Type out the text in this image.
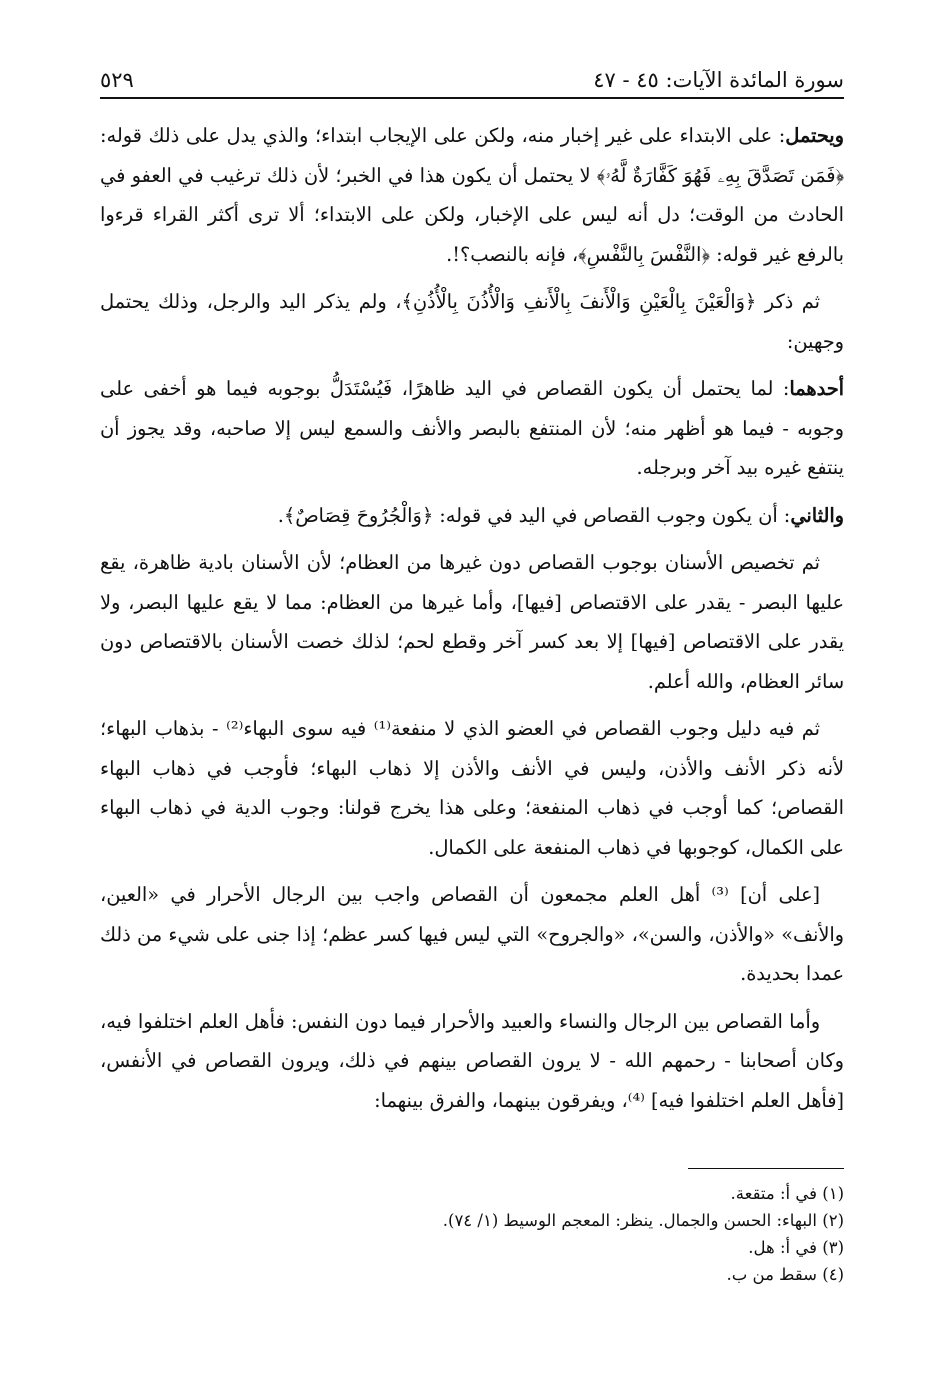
سورة المائدة الآيات: ٤٥ - ٤٧
٥٢٩

ويحتمل: على الابتداء على غير إخبار منه، ولكن على الإيجاب ابتداء؛ والذي يدل على ذلك قوله: ﴿فَمَن تَصَدَّقَ بِهِۦ فَهُوَ كَفَّارَةٌ لَّهُۥ﴾ لا يحتمل أن يكون هذا في الخبر؛ لأن ذلك ترغيب في العفو في الحادث من الوقت؛ دل أنه ليس على الإخبار، ولكن على الابتداء؛ ألا ترى أكثر القراء قرءوا بالرفع غير قوله: ﴿النَّفْسَ بِالنَّفْسِ﴾، فإنه بالنصب؟!.

ثم ذكر ﴿وَالْعَيْنَ بِالْعَيْنِ وَالْأَنفَ بِالْأَنفِ وَالْأُذُنَ بِالْأُذُنِ﴾، ولم يذكر اليد والرجل، وذلك يحتمل وجهين:

أحدهما: لما يحتمل أن يكون القصاص في اليد ظاهرًا، فَيُسْتَدَلُّ بوجوبه فيما هو أخفى على وجوبه - فيما هو أظهر منه؛ لأن المنتفع بالبصر والأنف والسمع ليس إلا صاحبه، وقد يجوز أن ينتفع غيره بيد آخر وبرجله.

والثاني: أن يكون وجوب القصاص في اليد في قوله: ﴿وَالْجُرُوحَ قِصَاصٌ﴾.

ثم تخصيص الأسنان بوجوب القصاص دون غيرها من العظام؛ لأن الأسنان بادية ظاهرة، يقع عليها البصر - يقدر على الاقتصاص [فيها]، وأما غيرها من العظام: مما لا يقع عليها البصر، ولا يقدر على الاقتصاص [فيها] إلا بعد كسر آخر وقطع لحم؛ لذلك خصت الأسنان بالاقتصاص دون سائر العظام، والله أعلم.

ثم فيه دليل وجوب القصاص في العضو الذي لا منفعة⁽¹⁾ فيه سوى البهاء⁽²⁾ - بذهاب البهاء؛ لأنه ذكر الأنف والأذن، وليس في الأنف والأذن إلا ذهاب البهاء؛ فأوجب في ذهاب البهاء القصاص؛ كما أوجب في ذهاب المنفعة؛ وعلى هذا يخرج قولنا: وجوب الدية في ذهاب البهاء على الكمال، كوجوبها في ذهاب المنفعة على الكمال.

[على أن] ⁽³⁾ أهل العلم مجمعون أن القصاص واجب بين الرجال الأحرار في «العين، والأنف» «والأذن، والسن»، «والجروح» التي ليس فيها كسر عظم؛ إذا جنى على شيء من ذلك عمدا بحديدة.

وأما القصاص بين الرجال والنساء والعبيد والأحرار فيما دون النفس: فأهل العلم اختلفوا فيه، وكان أصحابنا - رحمهم الله - لا يرون القصاص بينهم في ذلك، ويرون القصاص في الأنفس، [فأهل العلم اختلفوا فيه] ⁽⁴⁾، ويفرقون بينهما، والفرق بينهما:

(١) في أ: متقعة.
(٢) البهاء: الحسن والجمال. ينظر: المعجم الوسيط (١/ ٧٤).
(٣) في أ: هل.
(٤) سقط من ب.
